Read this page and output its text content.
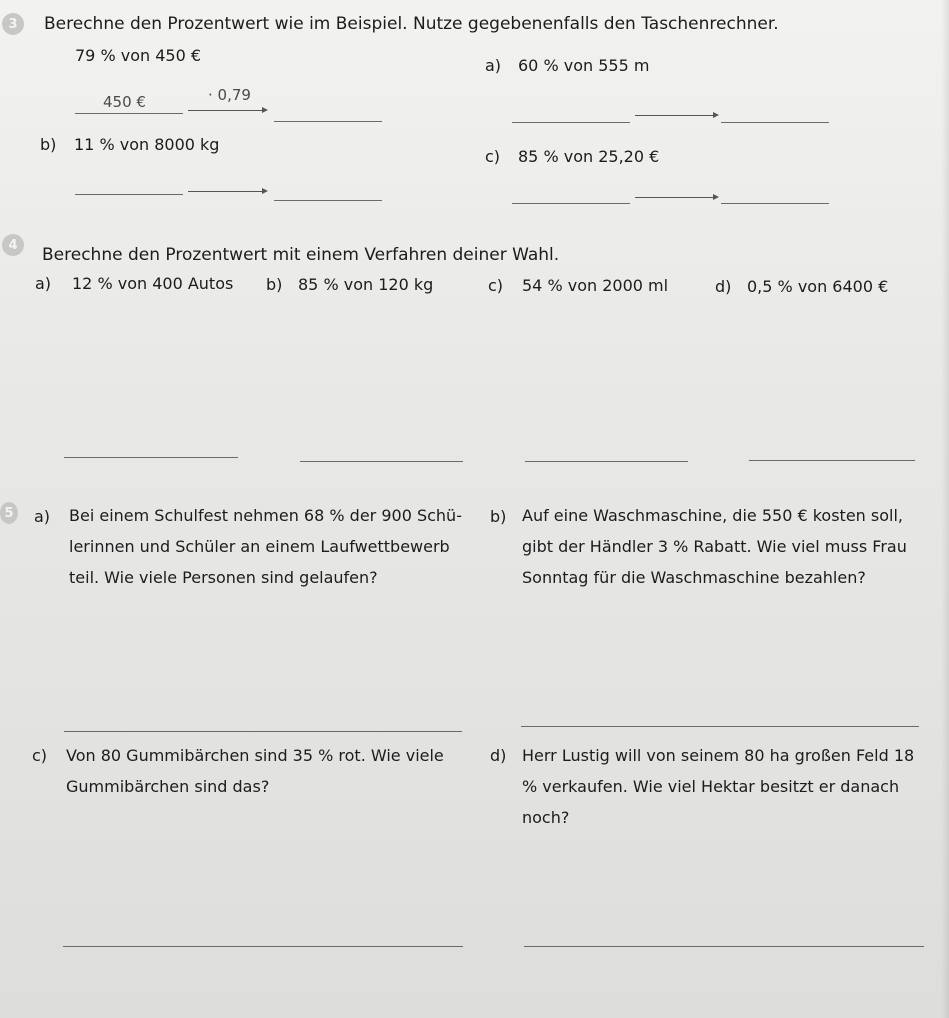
3	Berechne den Prozentwert wie im Beispiel. Nutze gegebenenfalls den Taschenrechner.
79 % von 450 €
450 €	· 0,79
a) 60 % von 555 m
b) 11 % von 8000 kg
c) 85 % von 25,20 €
4	Berechne den Prozentwert mit einem Verfahren deiner Wahl.
a) 12 % von 400 Autos b) 85 % von 120 kg	c) 54 % von 2000 ml	d) 0,5 % von 6400 €
5 a) Bei einem Schulfest nehmen 68 % der 900 Schü- lerinnen und Schüler an einem Laufwettbewerb teil. Wie viele Personen sind gelaufen?
b) Auf eine Waschmaschine, die 550 € kosten soll, gibt der Händler 3 % Rabatt. Wie viel muss Frau Sonntag für die Waschmaschine bezahlen?
c) Von 80 Gummibärchen sind 35 % rot. Wie viele Gummibärchen sind das?
d) Herr Lustig will von seinem 80 ha großen Feld 18 % verkaufen. Wie viel Hektar besitzt er danach noch?
